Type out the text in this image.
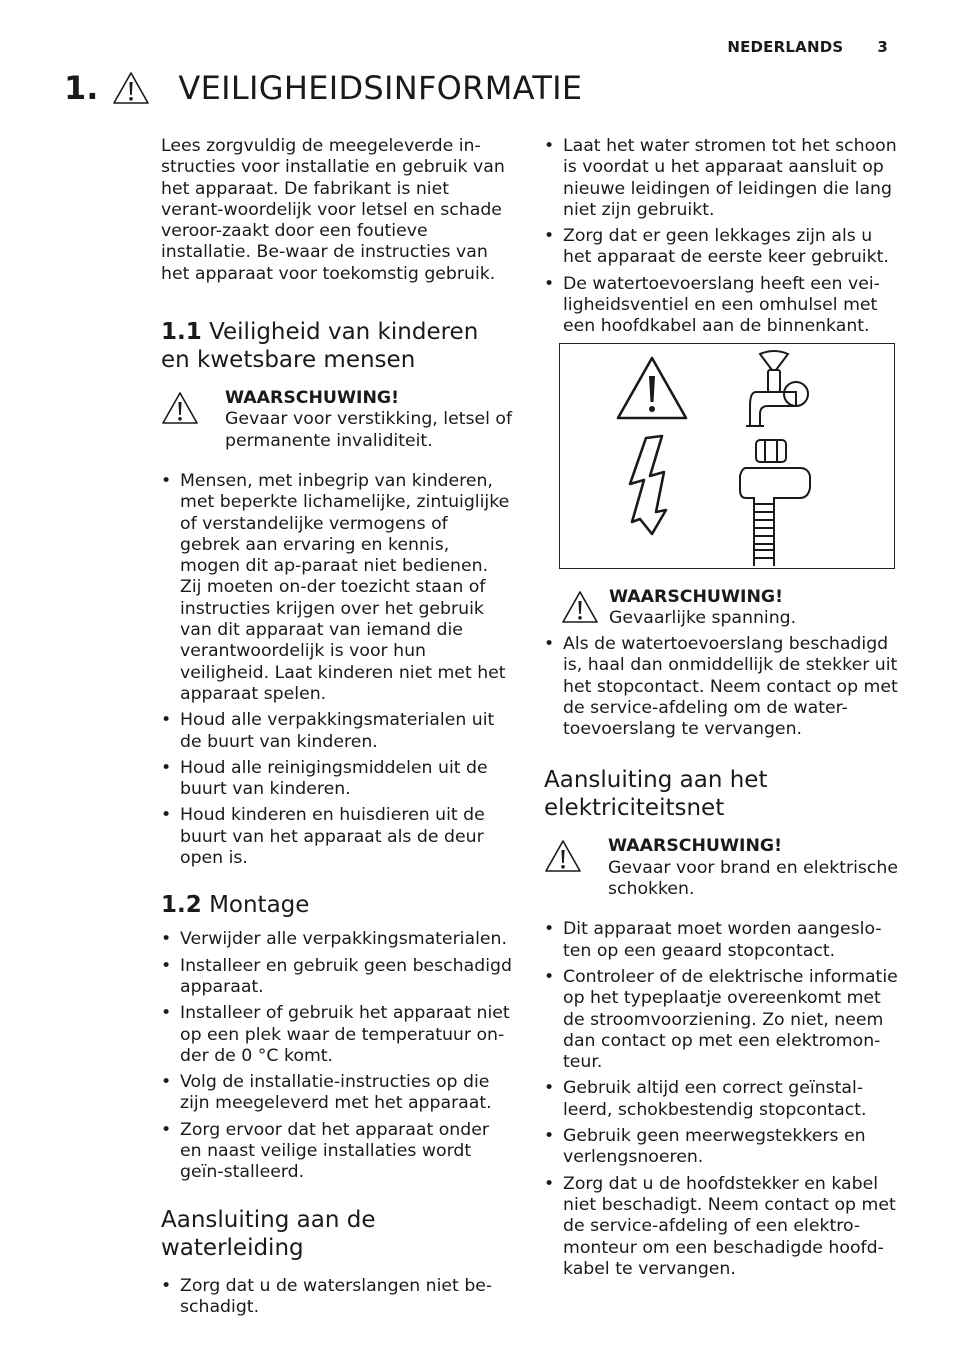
NEDERLANDS 3
1.	VEILIGHEIDSINFORMATIE

Lees zorgvuldig de meegeleverde in-structies voor installatie en gebruik van het apparaat. De fabrikant is niet verant-woordelijk voor letsel en schade veroor-zaakt door een foutieve installatie. Be-waar de instructies van het apparaat voor toekomstig gebruik.

1.1 Veiligheid van kinderen en kwetsbare mensen
WAARSCHUWING!
Gevaar voor verstikking, letsel of permanente invaliditeit.
• Mensen, met inbegrip van kinderen, met beperkte lichamelijke, zintuiglijke of verstandelijke vermogens of gebrek aan ervaring en kennis, mogen dit ap-paraat niet bedienen. Zij moeten on-der toezicht staan of instructies krijgen over het gebruik van dit apparaat van iemand die verantwoordelijk is voor hun veiligheid. Laat kinderen niet met het apparaat spelen.
• Houd alle verpakkingsmaterialen uit de buurt van kinderen.
• Houd alle reinigingsmiddelen uit de buurt van kinderen.
• Houd kinderen en huisdieren uit de buurt van het apparaat als de deur open is.
1.2 Montage
• Verwijder alle verpakkingsmaterialen.
• Installeer en gebruik geen beschadigd apparaat.
• Installeer of gebruik het apparaat niet op een plek waar de temperatuur on-der de 0 °C komt.
• Volg de installatie-instructies op die zijn meegeleverd met het apparaat.
• Zorg ervoor dat het apparaat onder en naast veilige installaties wordt geïn-stalleerd.
Aansluiting aan de waterleiding
• Zorg dat u de waterslangen niet be-schadigt.
• Laat het water stromen tot het schoon is voordat u het apparaat aansluit op nieuwe leidingen of leidingen die lang niet zijn gebruikt.
• Zorg dat er geen lekkages zijn als u het apparaat de eerste keer gebruikt.
• De watertoevoerslang heeft een vei-ligheidsventiel en een omhulsel met een hoofdkabel aan de binnenkant.
WAARSCHUWING!
Gevaarlijke spanning.
• Als de watertoevoerslang beschadigd is, haal dan onmiddellijk de stekker uit het stopcontact. Neem contact op met de service-afdeling om de water-toevoerslang te vervangen.
Aansluiting aan het elektriciteitsnet
WAARSCHUWING!
Gevaar voor brand en elektrische schokken.
• Dit apparaat moet worden aangeslo-ten op een geaard stopcontact.
• Controleer of de elektrische informatie op het typeplaatje overeenkomt met de stroomvoorziening. Zo niet, neem dan contact op met een elektromon-teur.
• Gebruik altijd een correct geïnstal-leerd, schokbestendig stopcontact.
• Gebruik geen meerwegstekkers en verlengsnoeren.
• Zorg dat u de hoofdstekker en kabel niet beschadigt. Neem contact op met de service-afdeling of een elektro-monteur om een beschadigde hoofd-kabel te vervangen.
